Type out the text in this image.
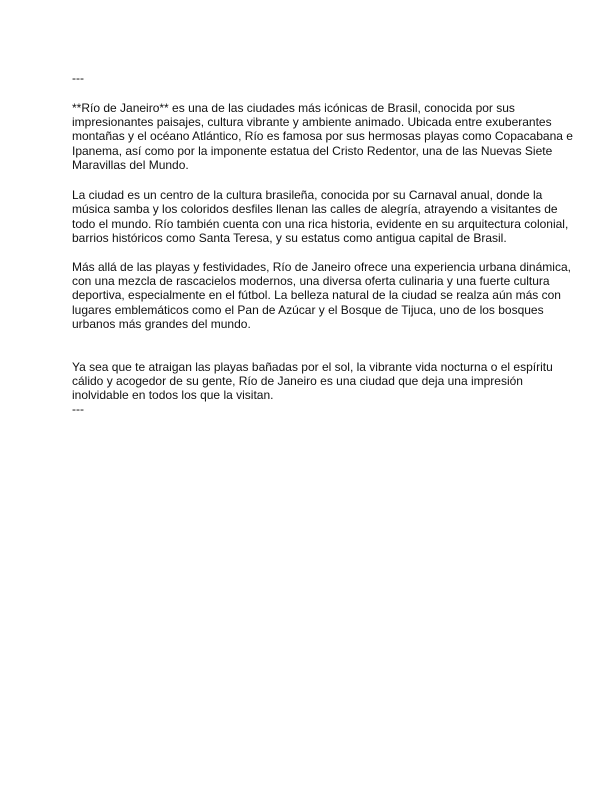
---
**Río de Janeiro** es una de las ciudades más icónicas de Brasil, conocida por sus
impresionantes paisajes, cultura vibrante y ambiente animado. Ubicada entre exuberantes
montañas y el océano Atlántico, Río es famosa por sus hermosas playas como Copacabana e
Ipanema, así como por la imponente estatua del Cristo Redentor, una de las Nuevas Siete
Maravillas del Mundo.
La ciudad es un centro de la cultura brasileña, conocida por su Carnaval anual, donde la
música samba y los coloridos desfiles llenan las calles de alegría, atrayendo a visitantes de
todo el mundo. Río también cuenta con una rica historia, evidente en su arquitectura colonial,
barrios históricos como Santa Teresa, y su estatus como antigua capital de Brasil.
Más allá de las playas y festividades, Río de Janeiro ofrece una experiencia urbana dinámica,
con una mezcla de rascacielos modernos, una diversa oferta culinaria y una fuerte cultura
deportiva, especialmente en el fútbol. La belleza natural de la ciudad se realza aún más con
lugares emblemáticos como el Pan de Azúcar y el Bosque de Tijuca, uno de los bosques
urbanos más grandes del mundo.
Ya sea que te atraigan las playas bañadas por el sol, la vibrante vida nocturna o el espíritu
cálido y acogedor de su gente, Río de Janeiro es una ciudad que deja una impresión
inolvidable en todos los que la visitan.
---
